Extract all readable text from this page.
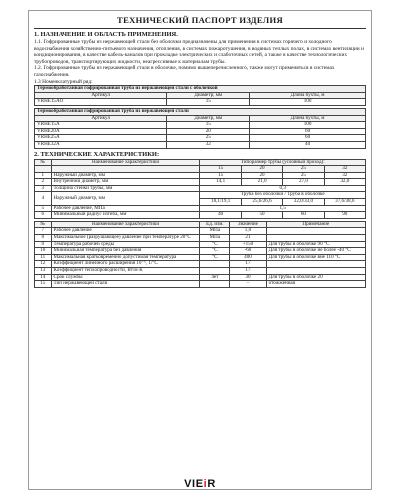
ТЕХНИЧЕСКИЙ ПАСПОРТ ИЗДЕЛИЯ
1. НАЗНАЧЕНИЕ И ОБЛАСТЬ ПРИМЕНЕНИЯ.
1.1. Гофрированные трубы из нержавеющей стали без оболочки предназначены для применения в системах горячего и холодного водоснабжения хозяйственно-питьевого назначения, отопления, в системах пожаротушения, в водяных теплых полах, в системах вентиляции и кондиционирования, в качестве кабель-каналов при прокладке электрических и слаботочных сетей, а также в качестве технологических трубопроводов, транспортирующих жидкости, неагрессивные к материалам трубы.
1.2. Гофрированные трубы из нержавеющей стали в оболочке, помимо вышеперечисленного, также могут применяться в системах газоснабжения.
1.3 Номенклатурный ряд:
Термообработанная гофрированная труба из нержавеющей стали с оболочкой		
Артикул	Диаметр, мм	Длина бухты, м
VRHE15AO	15	100
Термообработанная гофрированная труба из нержавеющей стали		
Артикул	Диаметр, мм	Длина бухты, м
VRHE15A	15	100
VRHE20A	20	60
VRHE25A	25	60
VRHE32A	32	40
2. ТЕХНИЧЕСКИЕ ХАРАКТЕРИСТИКИ:
№	Наименование характеристики	Типоразмер трубы (условный проход):			
		15	20	25	32
1	Наружный диаметр, мм	15	20	25	32
2	Внутренний диаметр, мм	14,1	21,0	27,0	32,0
3	Толщина стенки трубы, мм	0,3			
4	Наружный диаметр, мм	Труба без оболочки / Труба в оболочке			
		18,1/19,1	25,6/26,6	32,0/33,0	37,6/38,6
5	Рабочее давление, МПа	1,5			
6	Минимальный радиус изгиба, мм	40	50	60	90
№	Наименование характеристики	Ед. изм.	Значение	Примечание
7	Рабочее давление	МПа	1,0	
8	Максимальное (разрушающее) давление при температуре 20°С	МПа	21	
9	Температура рабочей среды	°С	+150	Для трубы в оболочке 90 °С
10	Минимальная температура без давления	°С	-60	Для трубы в оболочке не более -40 °С
11	Максимальная кратковременно допустимая температура	°С	400	Для трубы в оболочке вне 110 °С
12	Коэффициент линейного расширения 10⁻⁶, 1/°С		17	
13	Коэффициент теплопроводности, Вт/м·К		17	
14	Срок службы	лет	30	Для трубы в оболочке 20
15	Тип нержавеющей стали		–	отожженная
VIEiR
